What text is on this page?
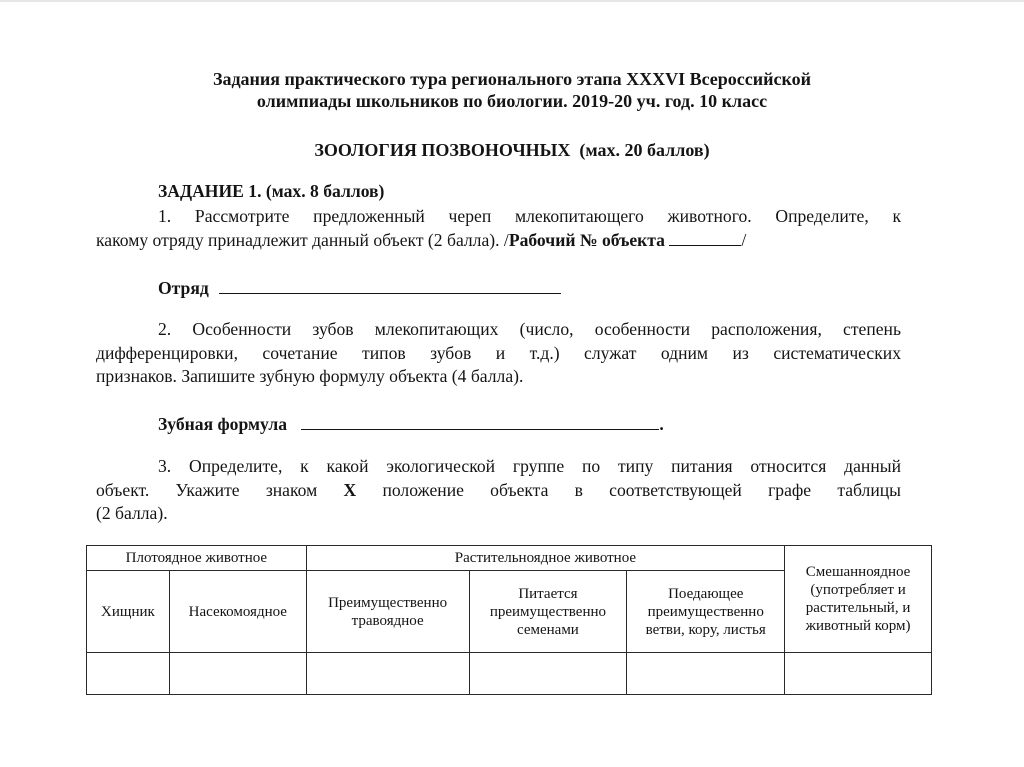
Задания практического тура регионального этапа XXXVI Всероссийской
олимпиады школьников по биологии. 2019-20 уч. год. 10 класс
ЗООЛОГИЯ ПОЗВОНОЧНЫХ (мах. 20 баллов)
ЗАДАНИЕ 1. (мах. 8 баллов)
1. Рассмотрите предложенный череп млекопитающего животного. Определите, к
какому отряду принадлежит данный объект (2 балла). /Рабочий № объекта	/
Отряд
2. Особенности зубов млекопитающих (число, особенности расположения, степень
дифференцировки, сочетание типов зубов и т.д.) служат одним из систематических
признаков. Запишите зубную формулу объекта (4 балла).
Зубная формула	.
3. Определите, к какой экологической группе по типу питания относится данный
объект. Укажите знаком Х положение объекта в соответствующей графе таблицы
(2 балла).
Плотоядное животное		Растительноядное животное			Смешанноядное (употребляет и растительный, и животный корм)
Хищник	Насекомоядное	Преимущественно травоядное	Питается преимущественно семенами	Поедающее преимущественно ветви, кору, листья	
